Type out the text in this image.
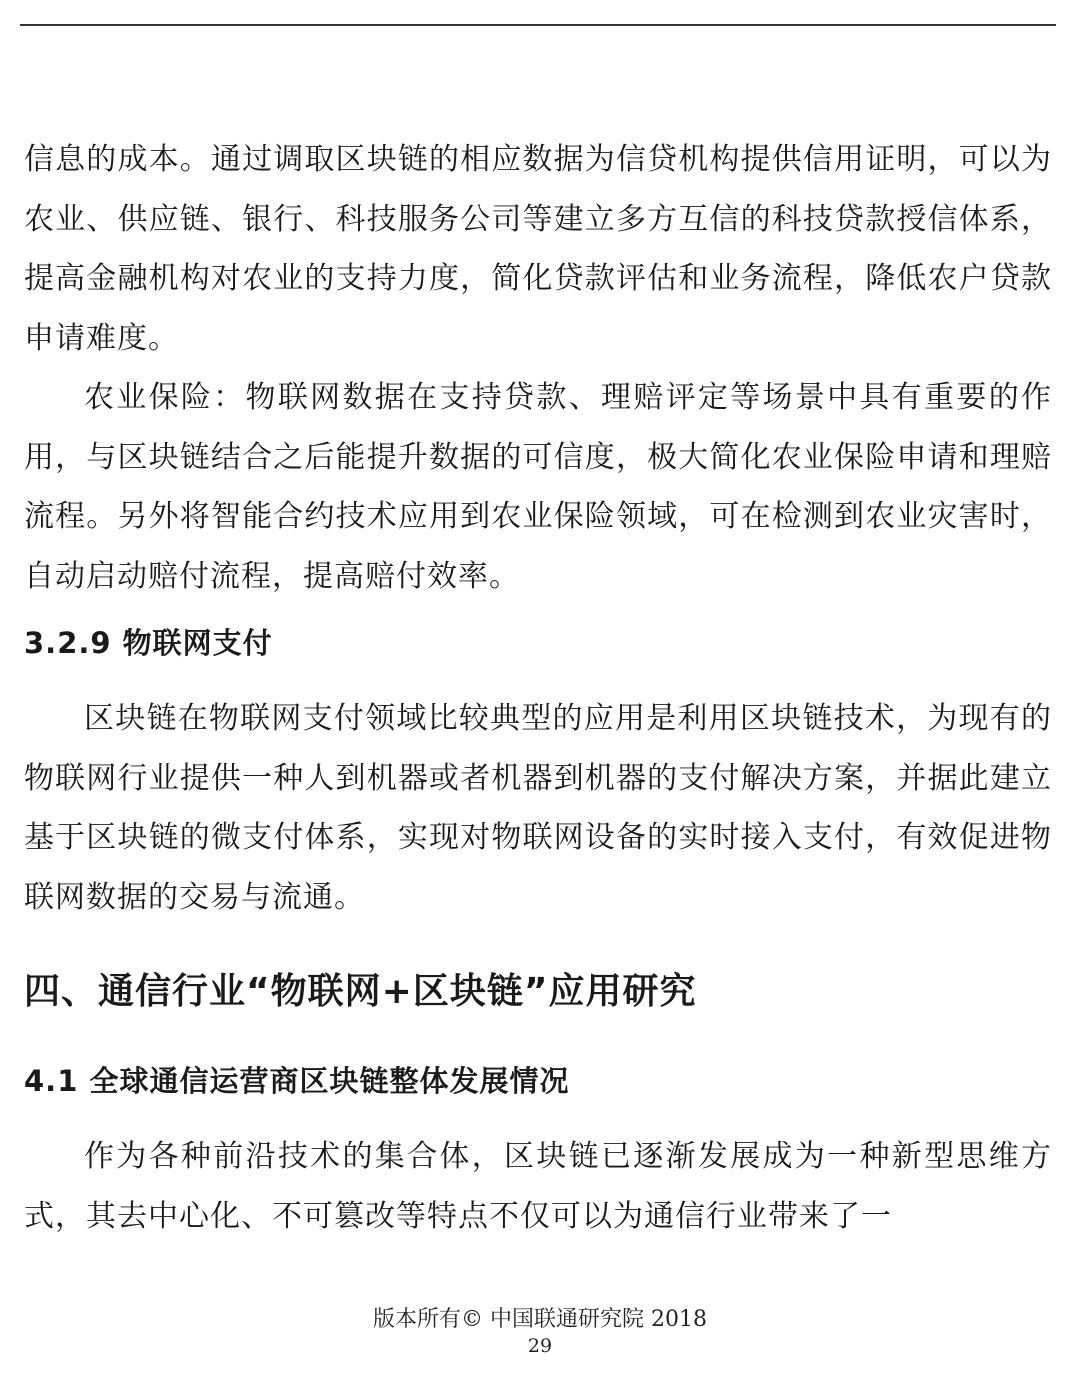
信息的成本。通过调取区块链的相应数据为信贷机构提供信用证明，可以为农业、供应链、银行、科技服务公司等建立多方互信的科技贷款授信体系，提高金融机构对农业的支持力度，简化贷款评估和业务流程，降低农户贷款申请难度。

农业保险：物联网数据在支持贷款、理赔评定等场景中具有重要的作用，与区块链结合之后能提升数据的可信度，极大简化农业保险申请和理赔流程。另外将智能合约技术应用到农业保险领域，可在检测到农业灾害时，自动启动赔付流程，提高赔付效率。

3.2.9 物联网支付

区块链在物联网支付领域比较典型的应用是利用区块链技术，为现有的物联网行业提供一种人到机器或者机器到机器的支付解决方案，并据此建立基于区块链的微支付体系，实现对物联网设备的实时接入支付，有效促进物联网数据的交易与流通。

四、通信行业“物联网+区块链”应用研究
4.1 全球通信运营商区块链整体发展情况

作为各种前沿技术的集合体，区块链已逐渐发展成为一种新型思维方式，其去中心化、不可篡改等特点不仅可以为通信行业带来了一

版本所有© 中国联通研究院 2018
29
